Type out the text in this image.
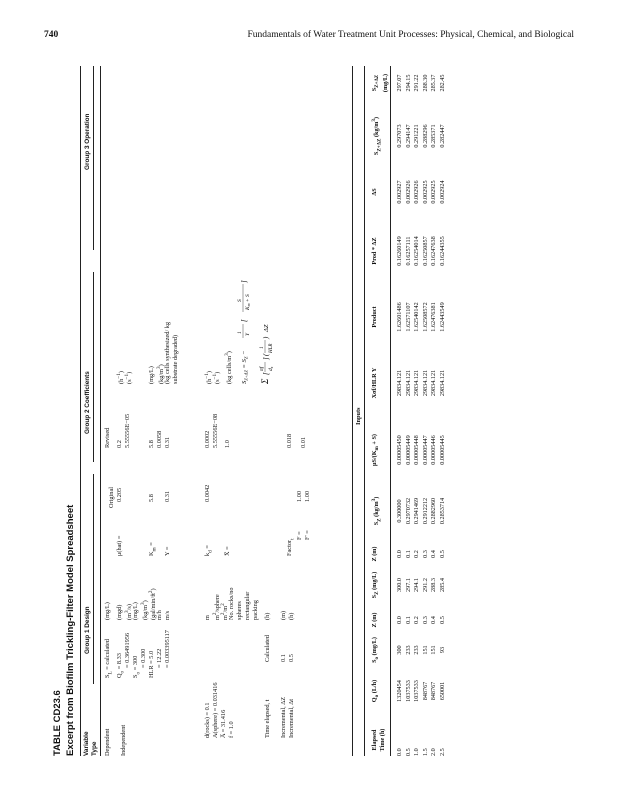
740	Fundamentals of Water Treatment Unit Processes: Physical, Chemical, and Biological
TABLE CD23.6 Excerpt from Biofilm Trickling-Filter Model Spreadsheet Variable Type
Group 1 Design
Group 2 Coefficients
Group 3 Operation
Dependent
$S_L$ = calculated
(mg/L)
Independent
$Q_o = 8.33$
(mgd)
= 0.36491956
$(m^3/s)$
$S_o = 300$
(mg/L)
= 0.300
$(kg/m^3)$
HLR = 5.0
$(gal/\min/ft^2)$
= 12.22
m/h
= 0.003395117
m/s
d(rocks) = 0.1
m
A(sphere) = 0.031416
$m^2$/sphere
A̅ = 31.416
$m^2/m^2$
f = 1.0
No. rocks/no spheres rectangular packing
Time elapsed, t
Calculated
(h)
Incremental, ΔZ
0.1
(m)
Incremental, Δt
0.5
(h)
Original
Revised
μ(hat) =
0.205
0.2
$(h^{-1})$
5.55556E−05
$(s^{-1})$
$K_m$ =
5.8
5.8
(mg/L)
0.0058
$(kg/m^3)$
Y =
0.31
0.31
(kg cells synthesized/ kg substrate degraded)
$k_d$ =
0.0042
0.0002
$(h^{-1})$
5.55556E−08
$(s^{-1})$
X̅ =
1.0
(kg cells/$m^3$)
$S_{Z+\Delta Z} = S_Z$ −
1
Y
[
S
Km + S
]
Σ
[
πf ds
]
(
1 HLR
)
ΔZ
Factor$_t$
0.018
F =
1.00
0.01
F' =
1.00
Inputs
Elapsed Time (h)
$Q_o$ (L/h)
$S_o$ (mg/L)
Z (m)
$S_Z$ (mg/L)
Z (m)
$S_Z$ $(kg/m^3)$
$\mu S/(K_m + S)$
Xσf/HLR Y
Product
Prod * ΔZ
ΔS
$S_{Z+\Delta Z}$ $(kg/m^3)$
$S_{Z+\Delta Z}$ (mg/L)
0.0
1320454
300
0.0
300.0
0.0
0.300000
0.00005450
29834.121
1.62601486
0.16260149
0.002927
0.297073
297.07
0.5
1037533
233
0.1
297.1
0.1
0.2970732
0.00005449
29834.121
1.62571107
0.16257111
0.002926
0.294147
294.15
1.0
1037533
233
0.2
294.1
0.2
0.2941469
0.00005448
29834.121
1.62540142
0.16254014
0.002926
0.291221
291.22
1.5
848767
151
0.3
291.2
0.3
0.2912212
0.00005447
29834.121
1.62508572
0.16250857
0.002925
0.288296
288.30
2.0
848767
151
0.4
288.3
0.4
0.2882960
0.00005446
29834.121
1.62476381
0.16247638
0.002925
0.285371
285.37
2.5
650001
93
0.5
285.4
0.5
0.2853714
0.00005445
29834.121
1.62443549
0.16244355
0.002924
0.282447
282.45
